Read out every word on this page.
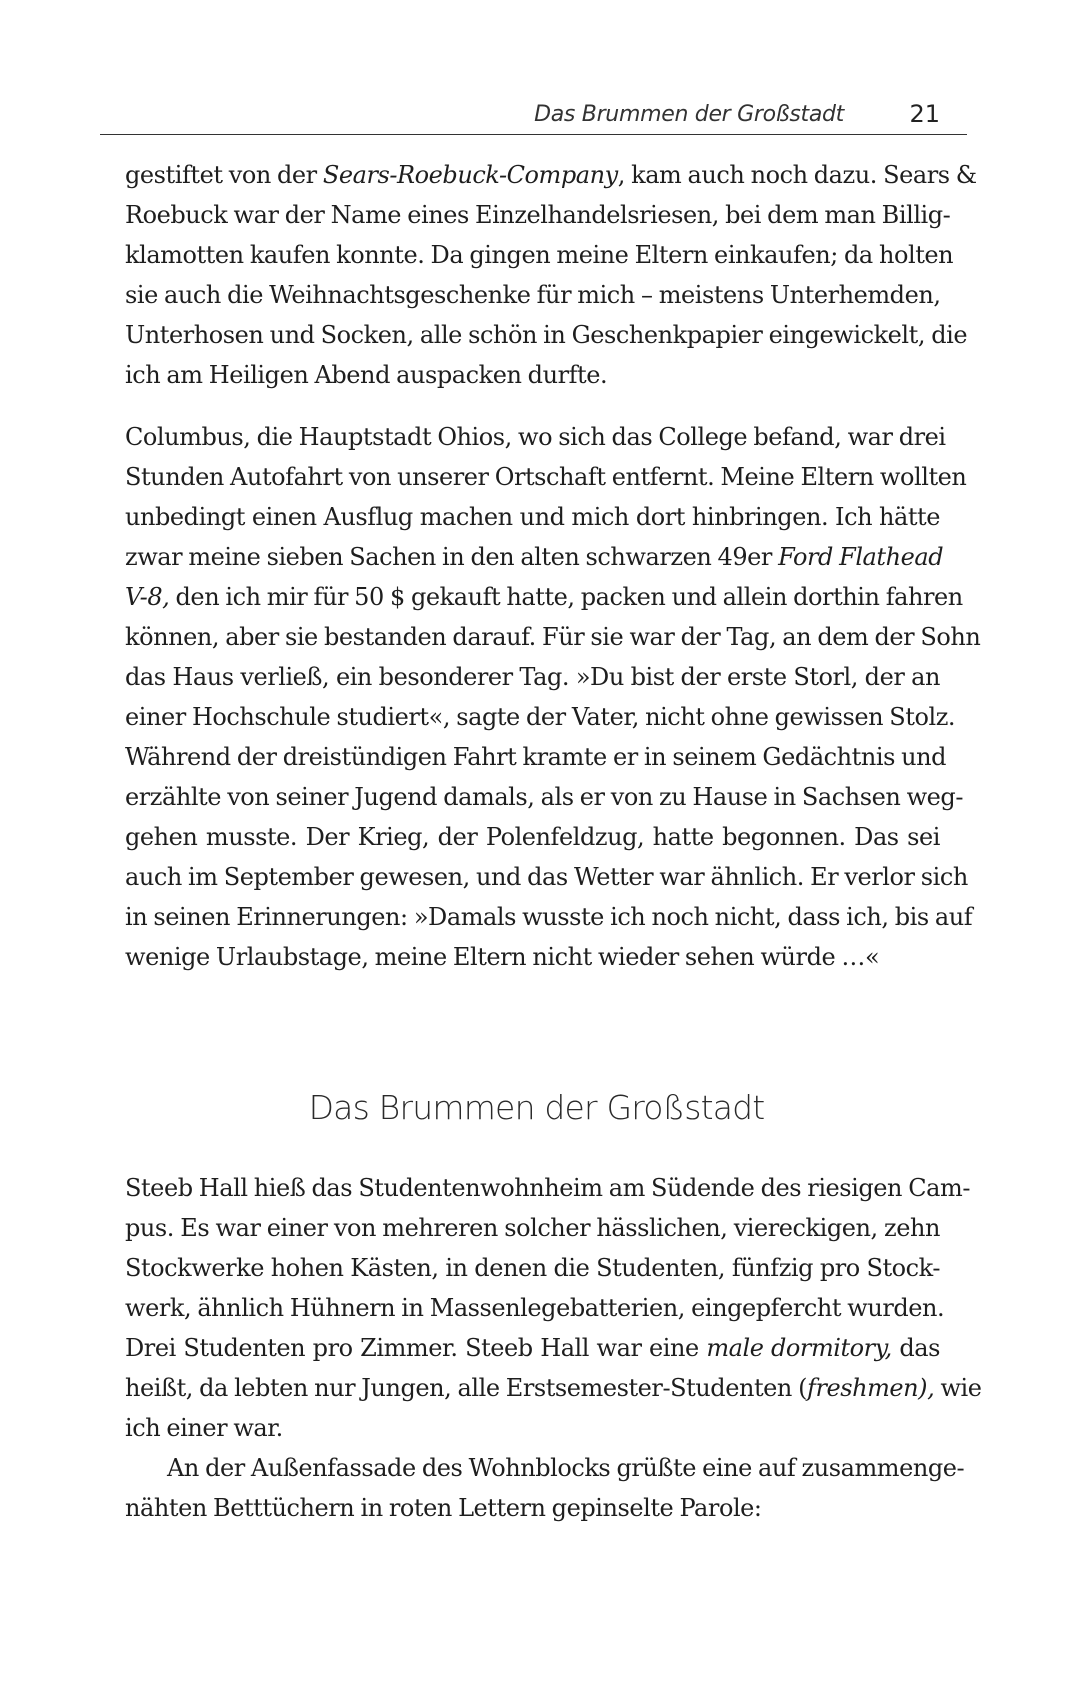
Das Brummen der Großstadt	21
gestiftet von der Sears-Roebuck-Company, kam auch noch dazu. Sears &
Roebuck war der Name eines Einzelhandelsriesen, bei dem man Billig-
klamotten kaufen konnte. Da gingen meine Eltern einkaufen; da holten
sie auch die Weihnachtsgeschenke für mich – meistens Unterhemden,
Unterhosen und Socken, alle schön in Geschenkpapier eingewickelt, die
ich am Heiligen Abend auspacken durfte.
Columbus, die Hauptstadt Ohios, wo sich das College befand, war drei
Stunden Autofahrt von unserer Ortschaft entfernt. Meine Eltern wollten
unbedingt einen Ausflug machen und mich dort hinbringen. Ich hätte
zwar meine sieben Sachen in den alten schwarzen 49er Ford Flathead
V-8, den ich mir für 50 $ gekauft hatte, packen und allein dorthin fahren
können, aber sie bestanden darauf. Für sie war der Tag, an dem der Sohn
das Haus verließ, ein besonderer Tag. »Du bist der erste Storl, der an
einer Hochschule studiert«, sagte der Vater, nicht ohne gewissen Stolz.
Während der dreistündigen Fahrt kramte er in seinem Gedächtnis und
erzählte von seiner Jugend damals, als er von zu Hause in Sachsen weg-
gehen musste. Der Krieg, der Polenfeldzug, hatte begonnen. Das sei
auch im September gewesen, und das Wetter war ähnlich. Er verlor sich
in seinen Erinnerungen: »Damals wusste ich noch nicht, dass ich, bis auf
wenige Urlaubstage, meine Eltern nicht wieder sehen würde …«
Das Brummen der Großstadt
Steeb Hall hieß das Studentenwohnheim am Südende des riesigen Cam-
pus. Es war einer von mehreren solcher hässlichen, viereckigen, zehn
Stockwerke hohen Kästen, in denen die Studenten, fünfzig pro Stock-
werk, ähnlich Hühnern in Massenlegebatterien, eingepfercht wurden.
Drei Studenten pro Zimmer. Steeb Hall war eine male dormitory, das
heißt, da lebten nur Jungen, alle Erstsemester-Studenten (freshmen), wie
ich einer war.
An der Außenfassade des Wohnblocks grüßte eine auf zusammenge-
nähten Betttüchern in roten Lettern gepinselte Parole:
